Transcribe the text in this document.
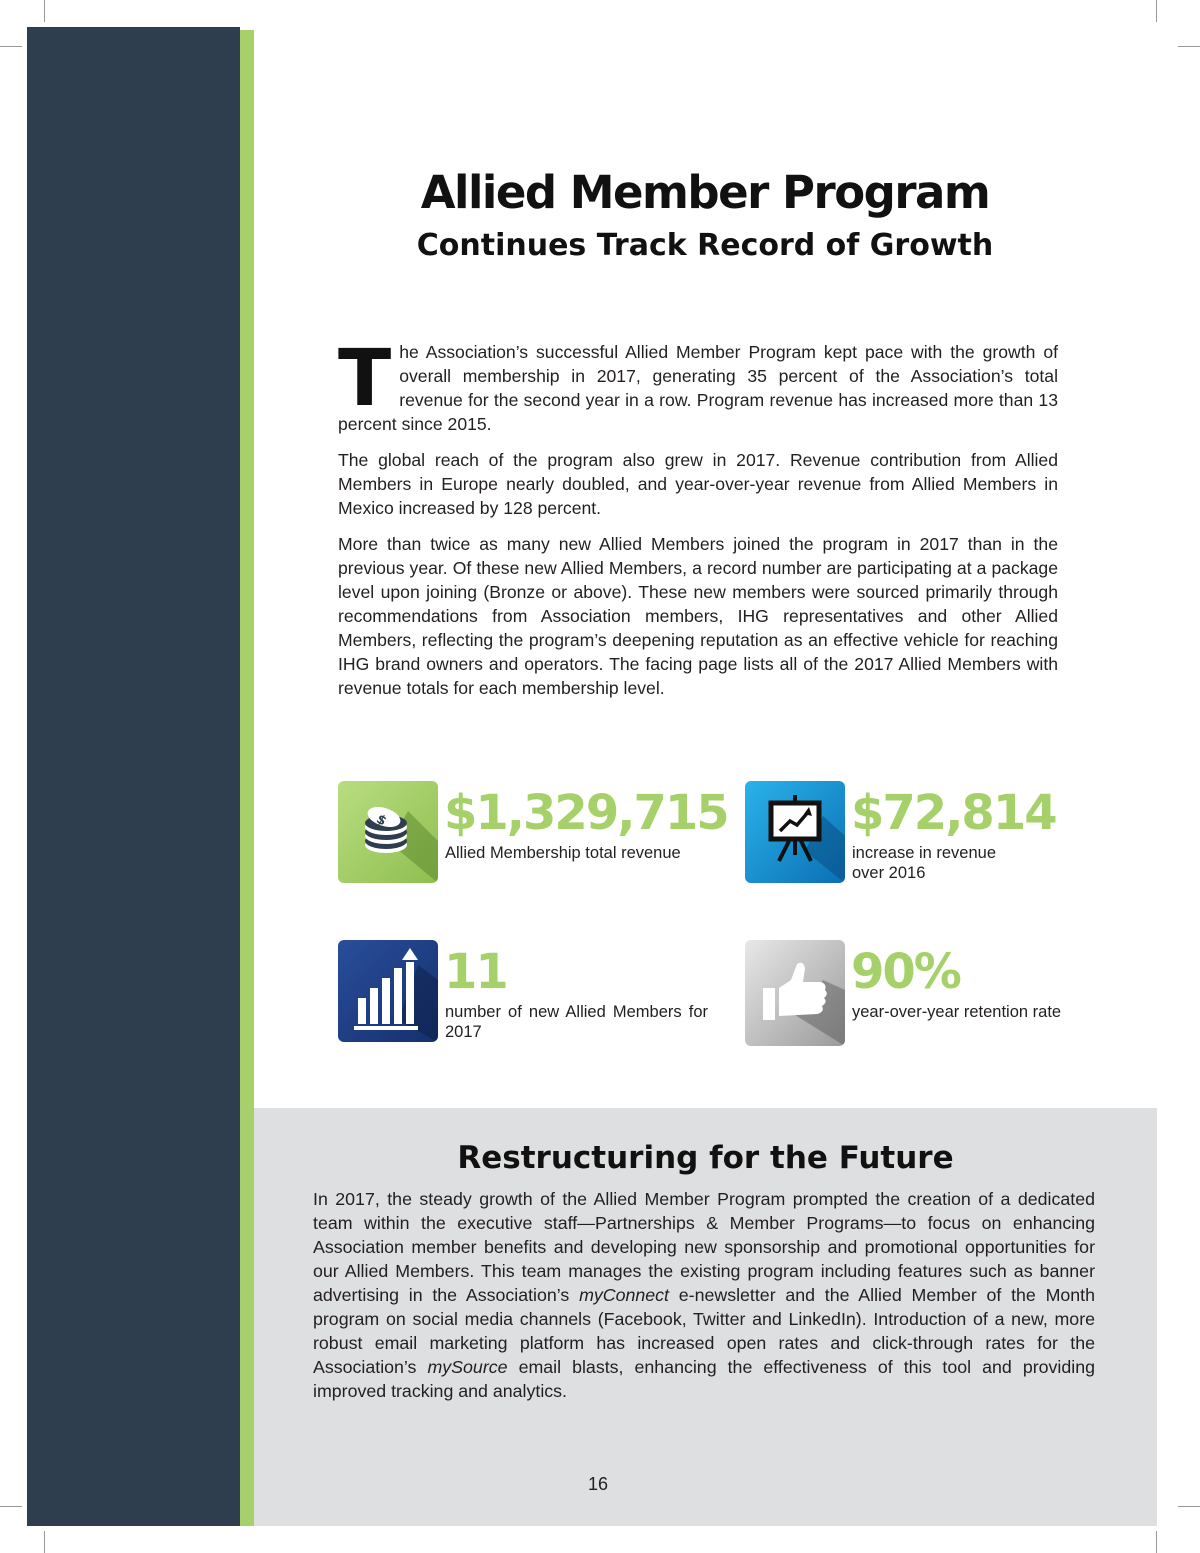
Allied Member Program
Continues Track Record of Growth

The Association’s successful Allied Member Program kept pace with the growth of overall membership in 2017, generating 35 percent of the Association’s total revenue for the second year in a row. Program revenue has increased more than 13 percent since 2015.

The global reach of the program also grew in 2017. Revenue contribution from Allied Members in Europe nearly doubled, and year-over-year revenue from Allied Members in Mexico increased by 128 percent.

More than twice as many new Allied Members joined the program in 2017 than in the previous year. Of these new Allied Members, a record number are participating at a package level upon joining (Bronze or above). These new members were sourced primarily through recommendations from Association members, IHG representatives and other Allied Members, reflecting the program’s deepening reputation as an effective vehicle for reaching IHG brand owners and operators. The facing page lists all of the 2017 Allied Members with revenue totals for each membership level.

$ $1,329,715
Allied Membership total revenue
$72,814
increase in revenue over 2016
11
number of new Allied Members for 2017
90%
year-over-year retention rate
Restructuring for the Future

In 2017, the steady growth of the Allied Member Program prompted the creation of a dedicated team within the executive staff—Partnerships & Member Programs—to focus on enhancing Association member benefits and developing new sponsorship and promotional opportunities for our Allied Members. This team manages the existing program including features such as banner advertising in the Association’s myConnect e-newsletter and the Allied Member of the Month program on social media channels (Facebook, Twitter and LinkedIn). Introduction of a new, more robust email marketing platform has increased open rates and click-through rates for the Association’s mySource email blasts, enhancing the effectiveness of this tool and providing improved tracking and analytics.

16
